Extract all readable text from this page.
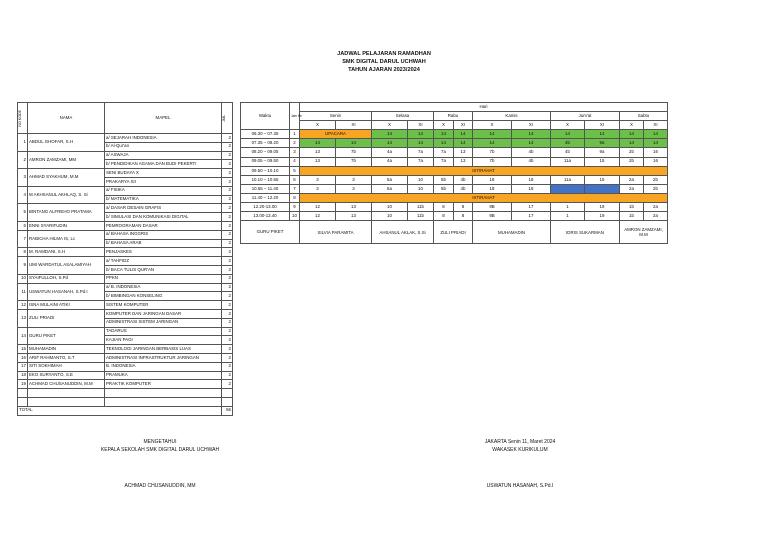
JADWAL PELAJARAN RAMADHAN
SMK DIGITAL DARUL UCHWAH
TAHUN AJARAN 2023/2024
NO KODE	NAMA	MAPEL	JML

1	ABDUL GHOFAR, S.H	a/ SEJARAH INDONESIA	2
		b/ Al-Qur'an	2
2	AMRON ZAMZAMI, MM	a/ ASWAJA	2
		b/ PENDIDIKAN AGAMA DAN BUDI PEKERTI	2
3	AHMAD SYAKHUM, M.M	SENI BUDAYA X	2
		PRAKARYA XII	2
4	M AKHSANUL AKHLAQ, S. Si	a/ FISIKA	2
		b/ MATEMATIKA	2
5	BINTANG ALFREHO PRATAMA	a/ DASAR DESAIN GRAFIS	2
		b/ SIMULASI DAN KOMUNIKASI DIGITAL	2
6	ENNI SYARIFUDIN	PEMROGRAMAN DASAR	2
7	RABICHA HILMA IS, Lc	a/ BAHASA INGGRIS	2
		b/ BAHASA ARAB	2
8	M. RAMDANI, S.H	PENJASKES	2
9	UMI WARDATUL ASALAMIYAH	a/ TAHFIDZ	2
		b/ BACA TULIS QUR'AN	2
10	SYAIFULLOH, S.Pd	PPKN	2
11	USWATUN HASANAH, S.Pd.I	a/ B. INDONESIA	2
		b/ BIMBINGAN KONSELING	2
12	ISNA MULAINI ATIKI	SISTEM KOMPUTER	2
13	ZULI PRIADI	KOMPUTER DAN JARINGAN DASAR	2
		ADMINISTRASI SISTEM JARINGAN	2
14	GURU PIKET	TADARUS	2
		KAJIAN PAGI	2
15	MUHAMADIN	TEKNOLOGI JARINGAN BERBASIS LUAS	2
16	ARIF RAHMANTO, S.T	ADMINISTRASI INFRASTRUKTUR JARINGAN	2
17	SITI SOKHIMAH	B. INDONESIA	2
18	EKO SURYANTO, S.E	PRAMUKA	2
19	ACHMAD CHUSANUDDIN, M.M	PRAKTIK KOMPUTER	2

TOTAL			56
Waktu	Jam Ke	Hari											
		Senin		Selasa		Rabu		Kamis		Jum'at		Sabtu	
		X	XI	X	XI	X	XI	X	XI	X	XI	X	XI
06.30 – 07.35	1	UPACARA		14	14	14	14	14	14	14	14	14	14
07.35 – 08.20	2	14	14	14	14	14	14	14	14	4b	9a	14	14
08.20 – 09.05	3	13	7b	4a	7a	7a	13	7b	4b	4b	9a	2b	16
09.05 – 09.50	4	13	7b	4a	7a	7a	13	7b	4b	11a	15	2b	16
09.50 – 10.10	5	ISTIRAHAT											
10.10 – 10.55	6	3	3	5a	10	5b	4b	18	18	11a	15	2a	2b
10.55 – 11.40	7	3	3	5a	10	5b	4b	18	18			2a	2b
11.40 – 12.20	8	ISTIRAHAT											
12.20-13.00	9	12	13	10	11b	8	8	9B	17	1	19	1b	2a
13.00-13.40	10	12	13	10	11b	8	8	9B	17	1	19	1b	2a
GURU PIKET		SILVIA PARAMITA		AHSANUL AKLAK, S.Si		ZULI PRIADI		MUHAMADIN		IDRIS SUKARMAN		AMRON ZAMZAMI, M.M	
MENGETAHUI
KEPALA SEKOLAH SMK DIGITAL DARUL UCHWAH
ACHMAD CHUSANUDDIN, MM
JAKARTA Senin 11, Maret 2024
WAKASEK KURIKULUM
USWATUN HASANAH, S.Pd.I
